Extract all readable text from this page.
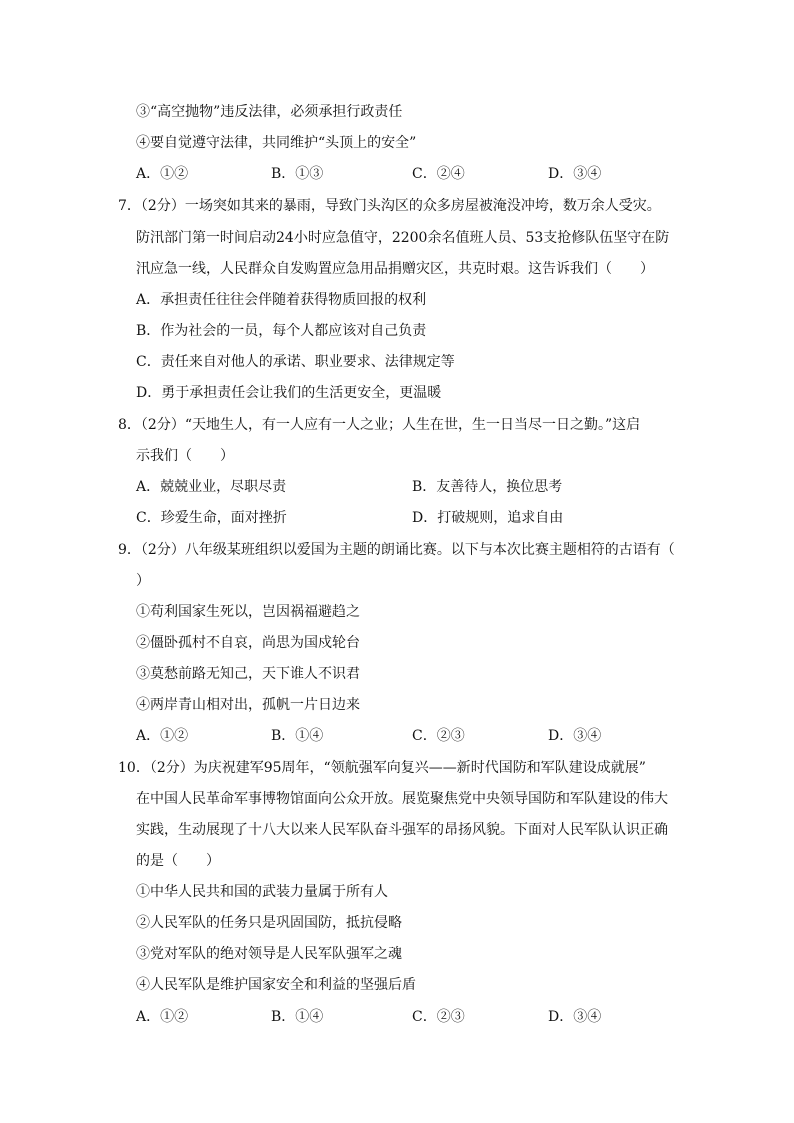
③“高空抛物”违反法律，必须承担行政责任
④要自觉遵守法律，共同维护“头顶上的安全”
A．①②	B．①③	C．②④	D．③④
7．（2分）一场突如其来的暴雨，导致门头沟区的众多房屋被淹没冲垮，数万余人受灾。
防汛部门第一时间启动24小时应急值守，2200余名值班人员、53支抢修队伍坚守在防
汛应急一线，人民群众自发购置应急用品捐赠灾区，共克时艰。这告诉我们（　　）
A．承担责任往往会伴随着获得物质回报的权利
B．作为社会的一员，每个人都应该对自己负责
C．责任来自对他人的承诺、职业要求、法律规定等
D．勇于承担责任会让我们的生活更安全，更温暖
8．（2分）“天地生人，有一人应有一人之业；人生在世，生一日当尽一日之勤。”这启
示我们（　　）
A．兢兢业业，尽职尽责	B．友善待人，换位思考
C．珍爱生命，面对挫折	D．打破规则，追求自由
9．（2分）八年级某班组织以爱国为主题的朗诵比赛。以下与本次比赛主题相符的古语有（
）
①苟利国家生死以，岂因祸福避趋之
②僵卧孤村不自哀，尚思为国戍轮台
③莫愁前路无知己，天下谁人不识君
④两岸青山相对出，孤帆一片日边来
A．①②	B．①④	C．②③	D．③④
10．（2分）为庆祝建军95周年，“领航强军向复兴——新时代国防和军队建设成就展”
在中国人民革命军事博物馆面向公众开放。展览聚焦党中央领导国防和军队建设的伟大
实践，生动展现了十八大以来人民军队奋斗强军的昂扬风貌。下面对人民军队认识正确
的是（　　）
①中华人民共和国的武装力量属于所有人
②人民军队的任务只是巩固国防，抵抗侵略
③党对军队的绝对领导是人民军队强军之魂
④人民军队是维护国家安全和利益的坚强后盾
A．①②	B．①④	C．②③	D．③④
